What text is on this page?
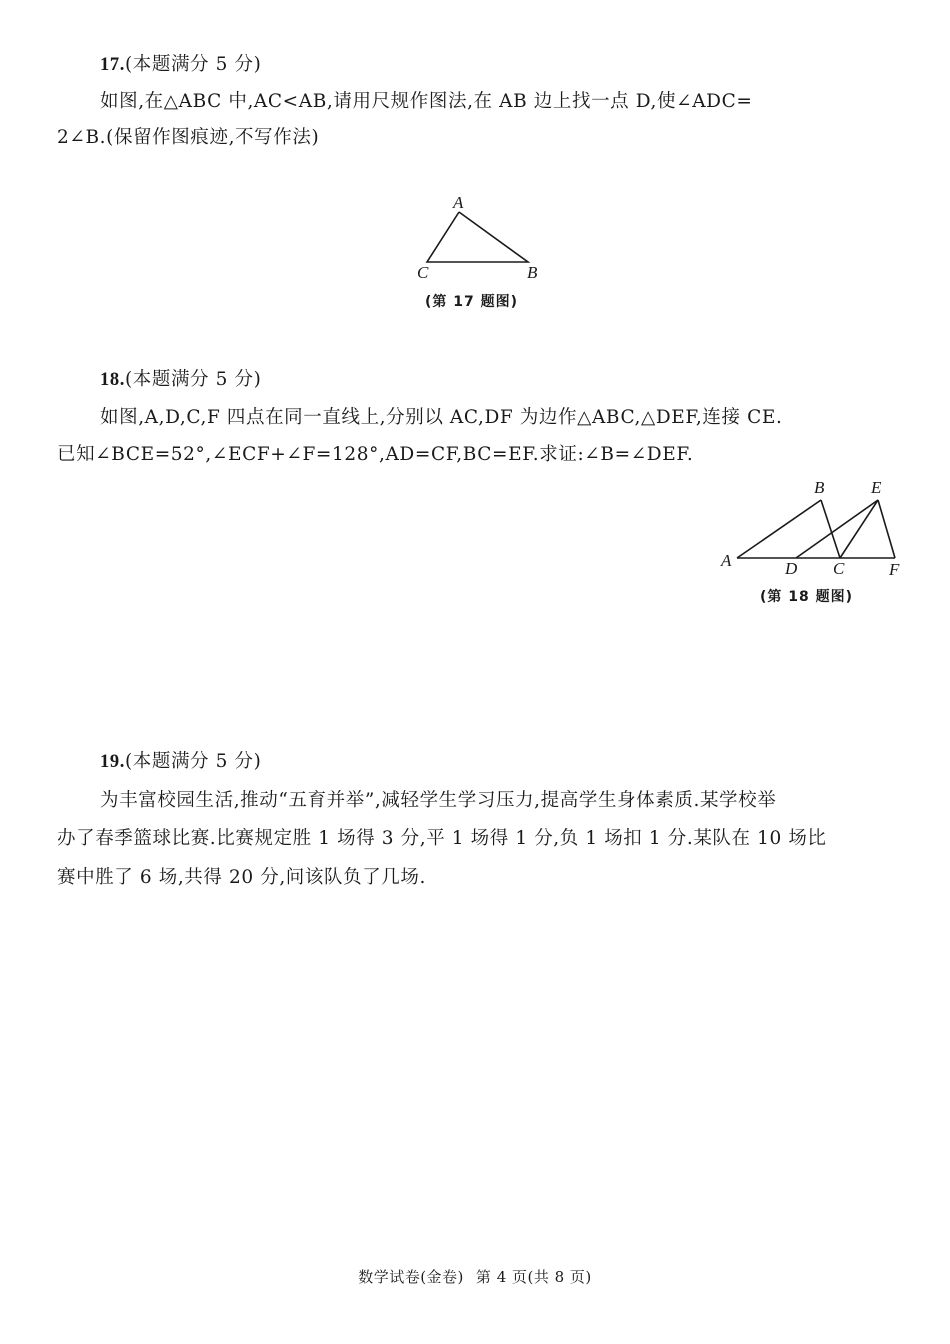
17.(本题满分 5 分)
如图,在△ABC 中,AC<AB,请用尺规作图法,在 AB 边上找一点 D,使∠ADC=
2∠B.(保留作图痕迹,不写作法)
A
C	B
(第 17 题图)
18.(本题满分 5 分)
如图,A,D,C,F 四点在同一直线上,分别以 AC,DF 为边作△ABC,△DEF,连接 CE.
已知∠BCE=52°,∠ECF+∠F=128°,AD=CF,BC=EF.求证:∠B=∠DEF.
A	D C	F
B	E
(第 18 题图)
19.(本题满分 5 分)
为丰富校园生活,推动“五育并举”,减轻学生学习压力,提高学生身体素质.某学校举
办了春季篮球比赛.比赛规定胜 1 场得 3 分,平 1 场得 1 分,负 1 场扣 1 分.某队在 10 场比
赛中胜了 6 场,共得 20 分,问该队负了几场.
数学试卷(金卷) 第 4 页(共 8 页)
